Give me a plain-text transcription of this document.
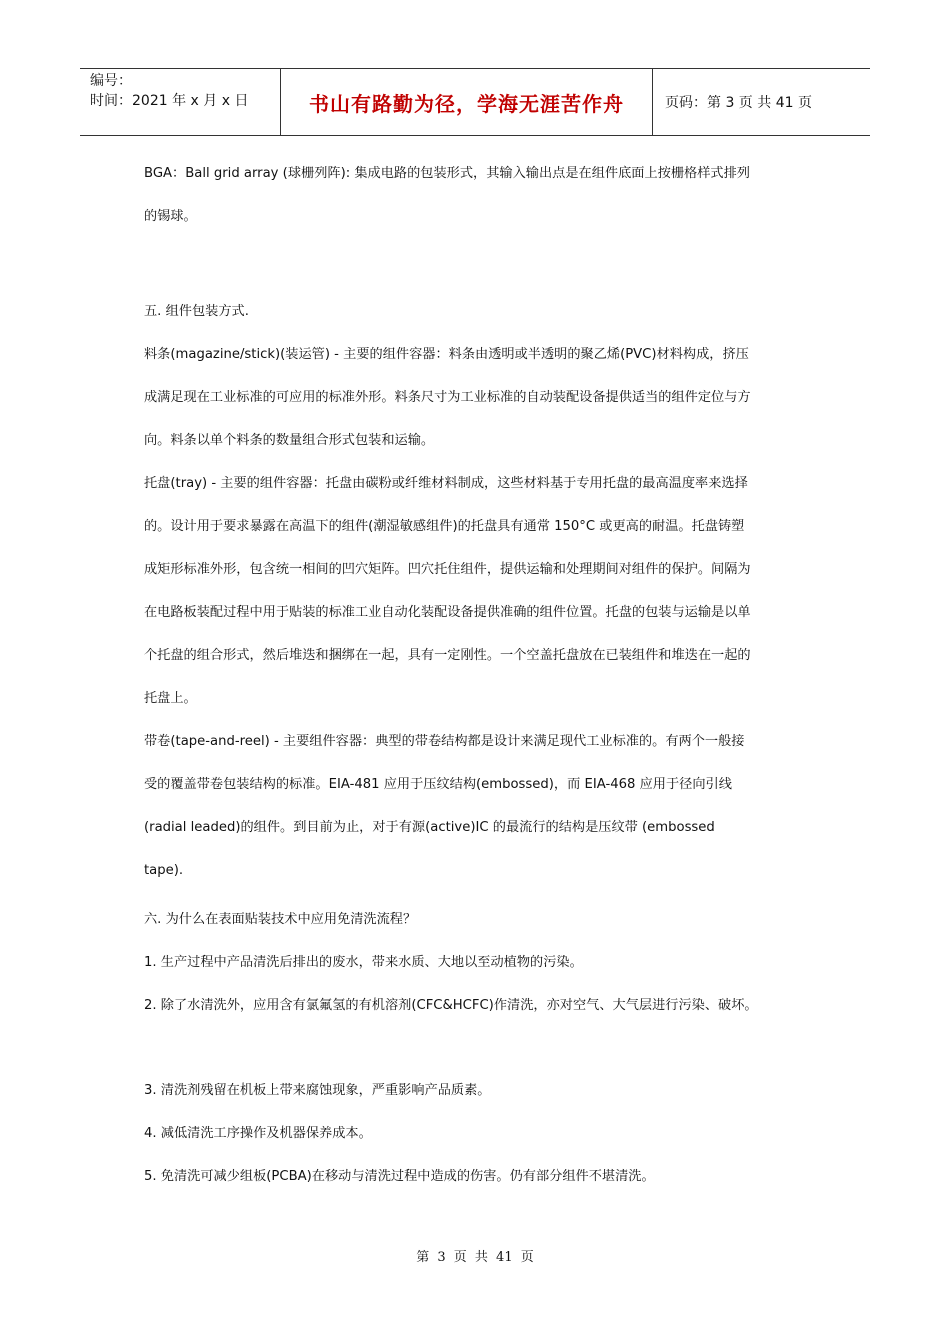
编号：
时间：2021 年 x 月 x 日	书山有路勤为径，学海无涯苦作舟	页码：第 3 页 共 41 页

BGA：Ball grid array (球栅列阵): 集成电路的包装形式，其输入输出点是在组件底面上按栅格样式排列

的锡球。

五. 组件包装方式.

料条(magazine/stick)(装运管) - 主要的组件容器：料条由透明或半透明的聚乙烯(PVC)材料构成，挤压

成满足现在工业标准的可应用的标准外形。料条尺寸为工业标准的自动装配设备提供适当的组件定位与方

向。料条以单个料条的数量组合形式包装和运输。

托盘(tray) - 主要的组件容器：托盘由碳粉或纤维材料制成，这些材料基于专用托盘的最高温度率来选择

的。设计用于要求暴露在高温下的组件(潮湿敏感组件)的托盘具有通常 150°C 或更高的耐温。托盘铸塑

成矩形标准外形，包含统一相间的凹穴矩阵。凹穴托住组件，提供运输和处理期间对组件的保护。间隔为

在电路板装配过程中用于贴装的标准工业自动化装配设备提供准确的组件位置。托盘的包装与运输是以单

个托盘的组合形式，然后堆迭和捆绑在一起，具有一定刚性。一个空盖托盘放在已装组件和堆迭在一起的

托盘上。

带卷(tape-and-reel) - 主要组件容器：典型的带卷结构都是设计来满足现代工业标准的。有两个一般接

受的覆盖带卷包装结构的标准。EIA-481 应用于压纹结构(embossed)，而 EIA-468 应用于径向引线

(radial leaded)的组件。到目前为止，对于有源(active)IC 的最流行的结构是压纹带 (embossed

tape).

六. 为什么在表面贴装技术中应用免清洗流程？

1. 生产过程中产品清洗后排出的废水，带来水质、大地以至动植物的污染。

2. 除了水清洗外，应用含有氯氟氢的有机溶剂(CFC&HCFC)作清洗，亦对空气、大气层进行污染、破坏。

3. 清洗剂残留在机板上带来腐蚀现象，严重影响产品质素。

4. 减低清洗工序操作及机器保养成本。

5. 免清洗可减少组板(PCBA)在移动与清洗过程中造成的伤害。仍有部分组件不堪清洗。

第 3 页 共 41 页
